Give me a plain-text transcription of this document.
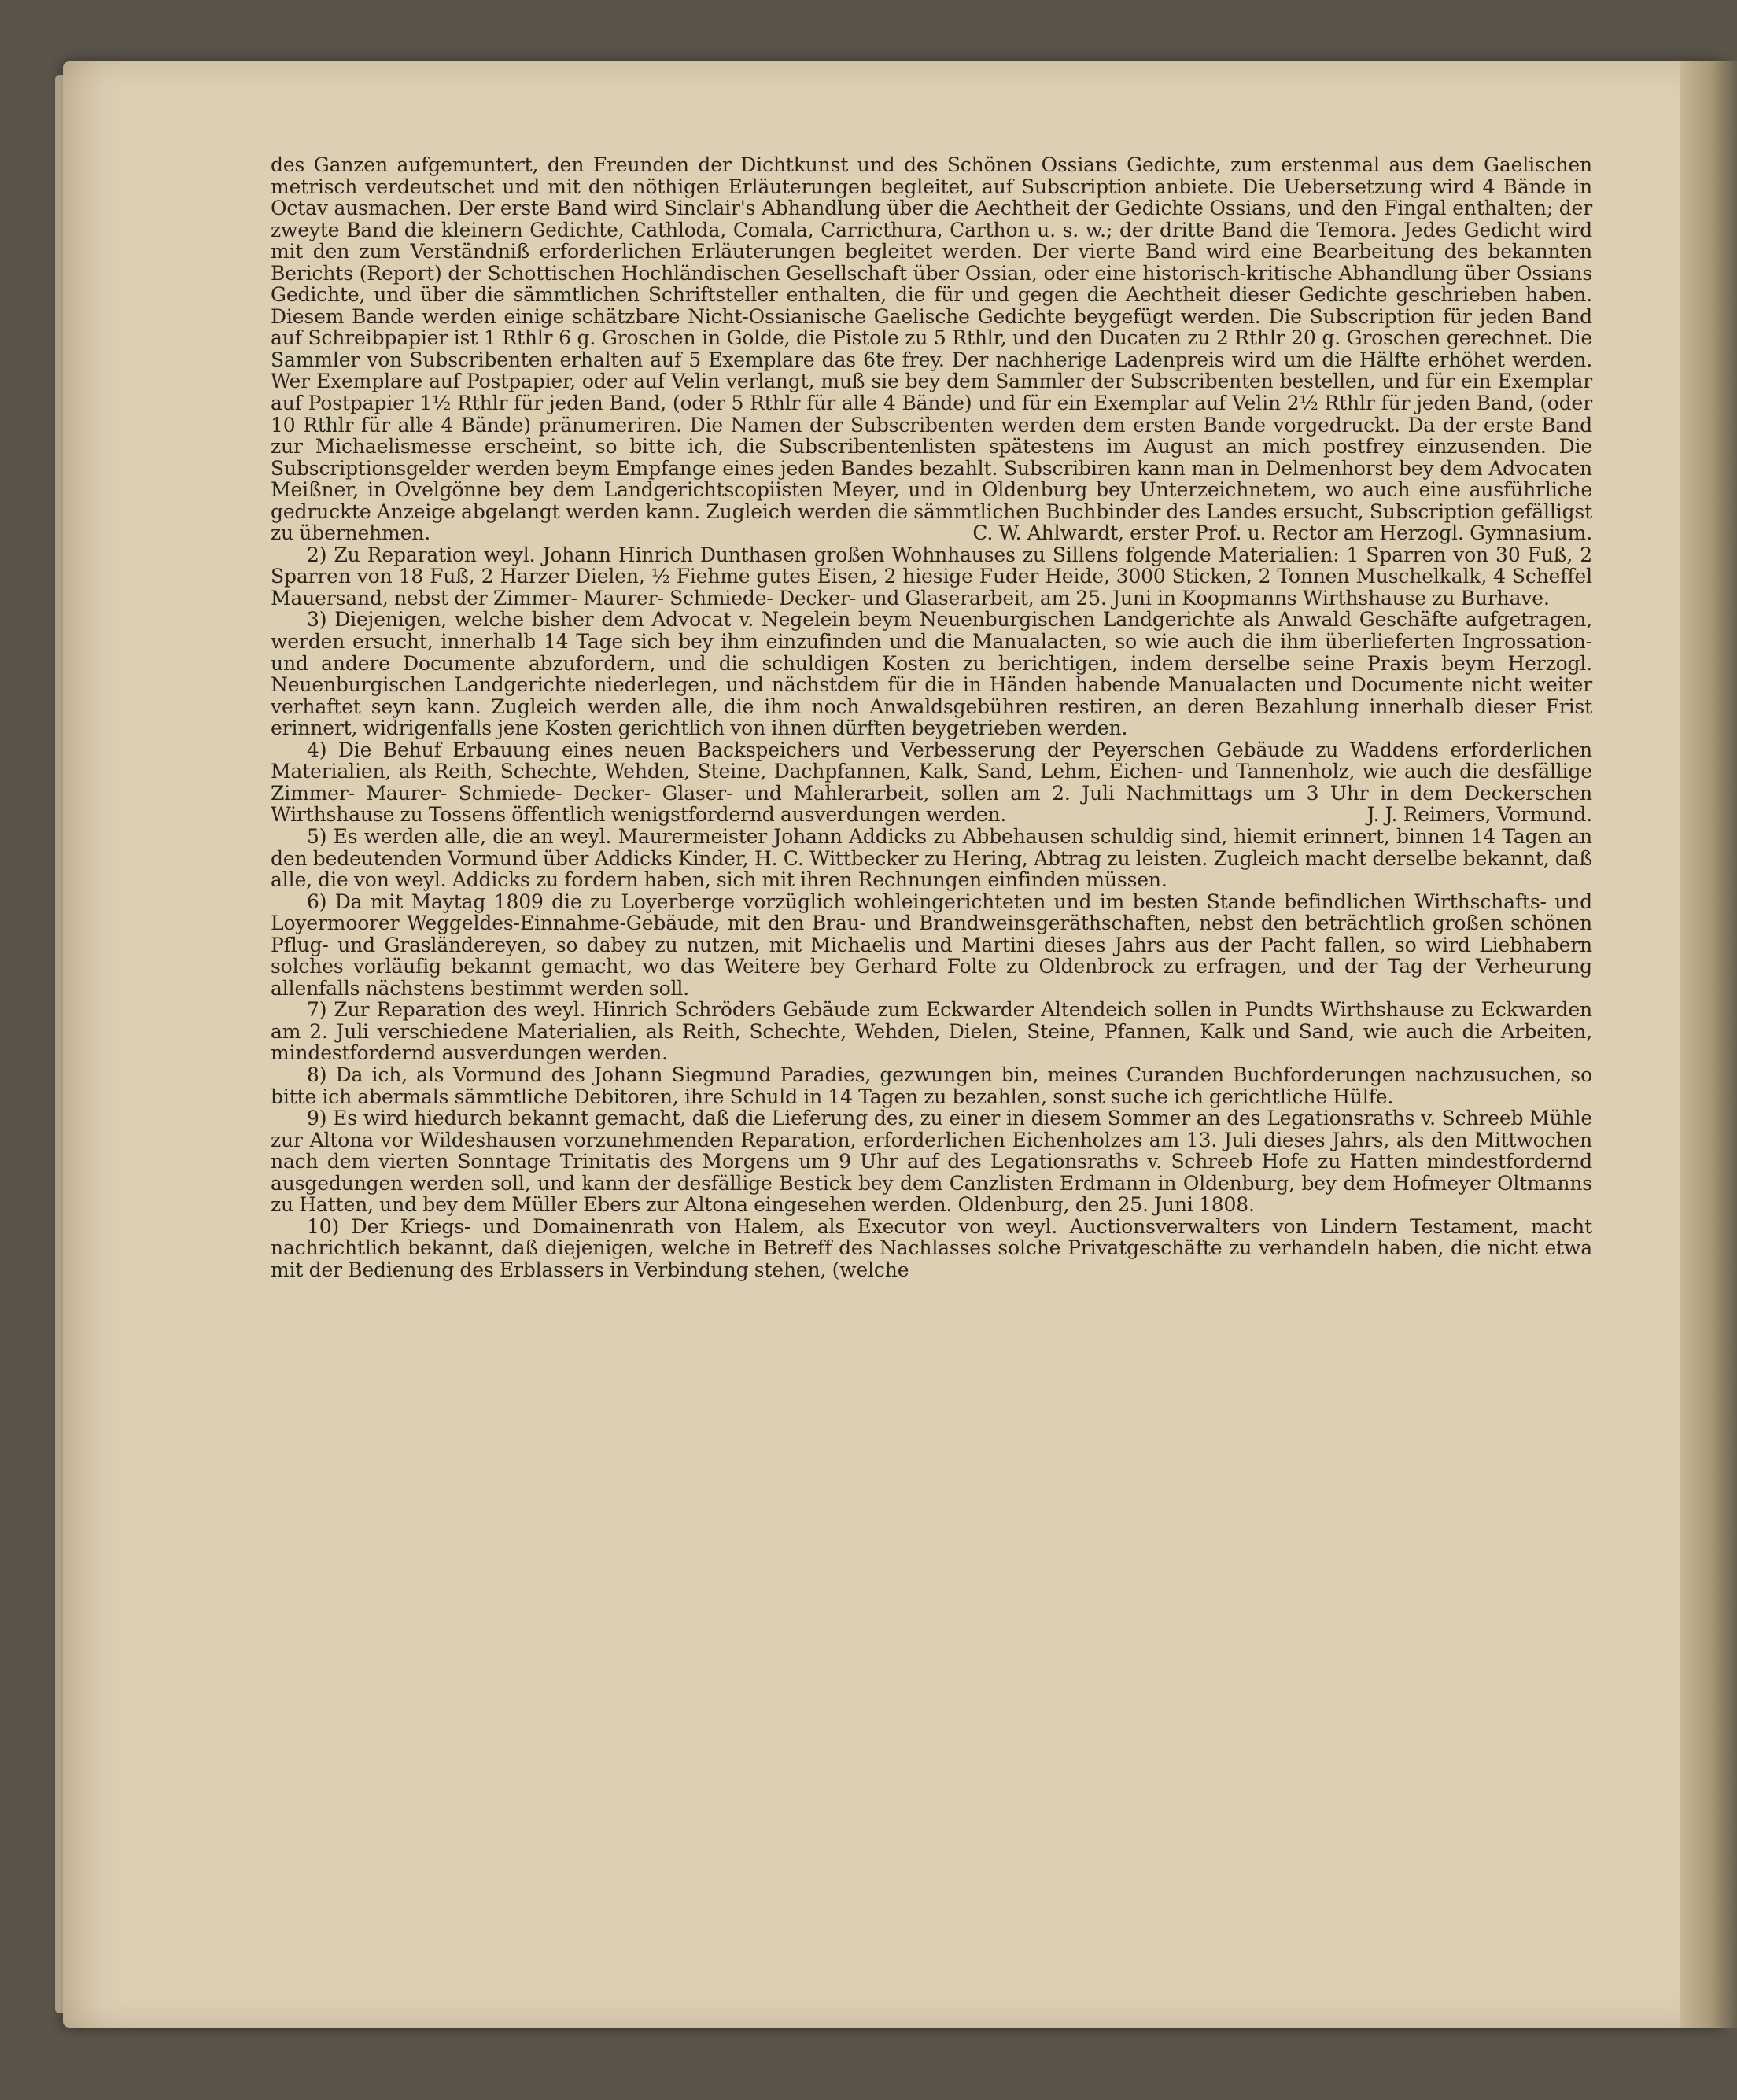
des Ganzen aufgemuntert, den Freunden der Dichtkunst und des Schönen Ossians Gedichte, zum erstenmal aus dem Gaelischen metrisch verdeutschet und mit den nöthigen Erläuterungen begleitet, auf Subscription anbiete. Die Uebersetzung wird 4 Bände in Octav ausmachen. Der erste Band wird Sinclair's Abhandlung über die Aechtheit der Gedichte Ossians, und den Fingal enthalten; der zweyte Band die kleinern Gedichte, Cathloda, Comala, Carricthura, Carthon u. s. w.; der dritte Band die Temora. Jedes Gedicht wird mit den zum Verständniß erforderlichen Erläuterungen begleitet werden. Der vierte Band wird eine Bearbeitung des bekannten Berichts (Report) der Schottischen Hochländischen Gesellschaft über Ossian, oder eine historisch-kritische Abhandlung über Ossians Gedichte, und über die sämmtlichen Schriftsteller enthalten, die für und gegen die Aechtheit dieser Gedichte geschrieben haben. Diesem Bande werden einige schätzbare Nicht-Ossianische Gaelische Gedichte beygefügt werden. Die Subscription für jeden Band auf Schreibpapier ist 1 Rthlr 6 g. Groschen in Golde, die Pistole zu 5 Rthlr, und den Ducaten zu 2 Rthlr 20 g. Groschen gerechnet. Die Sammler von Subscribenten erhalten auf 5 Exemplare das 6te frey. Der nachherige Ladenpreis wird um die Hälfte erhöhet werden. Wer Exemplare auf Postpapier, oder auf Velin verlangt, muß sie bey dem Sammler der Subscribenten bestellen, und für ein Exemplar auf Postpapier 1½ Rthlr für jeden Band, (oder 5 Rthlr für alle 4 Bände) und für ein Exemplar auf Velin 2½ Rthlr für jeden Band, (oder 10 Rthlr für alle 4 Bände) pränumeriren. Die Namen der Subscribenten werden dem ersten Bande vorgedruckt. Da der erste Band zur Michaelismesse erscheint, so bitte ich, die Subscribentenlisten spätestens im August an mich postfrey einzusenden. Die Subscriptionsgelder werden beym Empfange eines jeden Bandes bezahlt. Subscribiren kann man in Delmenhorst bey dem Advocaten Meißner, in Ovelgönne bey dem Landgerichtscopiisten Meyer, und in Oldenburg bey Unterzeichnetem, wo auch eine ausführliche gedruckte Anzeige abgelangt werden kann. Zugleich werden die sämmtlichen Buchbinder des Landes ersucht, Subscription gefälligst zu übernehmen.	C. W. Ahlwardt, erster Prof. u. Rector am Herzogl. Gymnasium.

2) Zu Reparation weyl. Johann Hinrich Dunthasen großen Wohnhauses zu Sillens folgende Materialien: 1 Sparren von 30 Fuß, 2 Sparren von 18 Fuß, 2 Harzer Dielen, ½ Fiehme gutes Eisen, 2 hiesige Fuder Heide, 3000 Sticken, 2 Tonnen Muschelkalk, 4 Scheffel Mauersand, nebst der Zimmer- Maurer- Schmiede- Decker- und Glaserarbeit, am 25. Juni in Koopmanns Wirthshause zu Burhave.

3) Diejenigen, welche bisher dem Advocat v. Negelein beym Neuenburgischen Landgerichte als Anwald Geschäfte aufgetragen, werden ersucht, innerhalb 14 Tage sich bey ihm einzufinden und die Manualacten, so wie auch die ihm überlieferten Ingrossation- und andere Documente abzufordern, und die schuldigen Kosten zu berichtigen, indem derselbe seine Praxis beym Herzogl. Neuenburgischen Landgerichte niederlegen, und nächstdem für die in Händen habende Manualacten und Documente nicht weiter verhaftet seyn kann. Zugleich werden alle, die ihm noch Anwaldsgebühren restiren, an deren Bezahlung innerhalb dieser Frist erinnert, widrigenfalls jene Kosten gerichtlich von ihnen dürften beygetrieben werden.

4) Die Behuf Erbauung eines neuen Backspeichers und Verbesserung der Peyerschen Gebäude zu Waddens erforderlichen Materialien, als Reith, Schechte, Wehden, Steine, Dachpfannen, Kalk, Sand, Lehm, Eichen- und Tannenholz, wie auch die desfällige Zimmer- Maurer- Schmiede- Decker- Glaser- und Mahlerarbeit, sollen am 2. Juli Nachmittags um 3 Uhr in dem Deckerschen Wirthshause zu Tossens öffentlich wenigstfordernd ausverdungen werden.	J. J. Reimers, Vormund.

5) Es werden alle, die an weyl. Maurermeister Johann Addicks zu Abbehausen schuldig sind, hiemit erinnert, binnen 14 Tagen an den bedeutenden Vormund über Addicks Kinder, H. C. Wittbecker zu Hering, Abtrag zu leisten. Zugleich macht derselbe bekannt, daß alle, die von weyl. Addicks zu fordern haben, sich mit ihren Rechnungen einfinden müssen.

6) Da mit Maytag 1809 die zu Loyerberge vorzüglich wohleingerichteten und im besten Stande befindlichen Wirthschafts- und Loyermoorer Weggeldes-Einnahme-Gebäude, mit den Brau- und Brandweinsgeräthschaften, nebst den beträchtlich großen schönen Pflug- und Grasländereyen, so dabey zu nutzen, mit Michaelis und Martini dieses Jahrs aus der Pacht fallen, so wird Liebhabern solches vorläufig bekannt gemacht, wo das Weitere bey Gerhard Folte zu Oldenbrock zu erfragen, und der Tag der Verheurung allenfalls nächstens bestimmt werden soll.

7) Zur Reparation des weyl. Hinrich Schröders Gebäude zum Eckwarder Altendeich sollen in Pundts Wirthshause zu Eckwarden am 2. Juli verschiedene Materialien, als Reith, Schechte, Wehden, Dielen, Steine, Pfannen, Kalk und Sand, wie auch die Arbeiten, mindestfordernd ausverdungen werden.

8) Da ich, als Vormund des Johann Siegmund Paradies, gezwungen bin, meines Curanden Buchforderungen nachzusuchen, so bitte ich abermals sämmtliche Debitoren, ihre Schuld in 14 Tagen zu bezahlen, sonst suche ich gerichtliche Hülfe.

9) Es wird hiedurch bekannt gemacht, daß die Lieferung des, zu einer in diesem Sommer an des Legationsraths v. Schreeb Mühle zur Altona vor Wildeshausen vorzunehmenden Reparation, erforderlichen Eichenholzes am 13. Juli dieses Jahrs, als den Mittwochen nach dem vierten Sonntage Trinitatis des Morgens um 9 Uhr auf des Legationsraths v. Schreeb Hofe zu Hatten mindestfordernd ausgedungen werden soll, und kann der desfällige Bestick bey dem Canzlisten Erdmann in Oldenburg, bey dem Hofmeyer Oltmanns zu Hatten, und bey dem Müller Ebers zur Altona eingesehen werden. Oldenburg, den 25. Juni 1808.

10) Der Kriegs- und Domainenrath von Halem, als Executor von weyl. Auctionsverwalters von Lindern Testament, macht nachrichtlich bekannt, daß diejenigen, welche in Betreff des Nachlasses solche Privatgeschäfte zu verhandeln haben, die nicht etwa mit der Bedienung des Erblassers in Verbindung stehen, (welche
